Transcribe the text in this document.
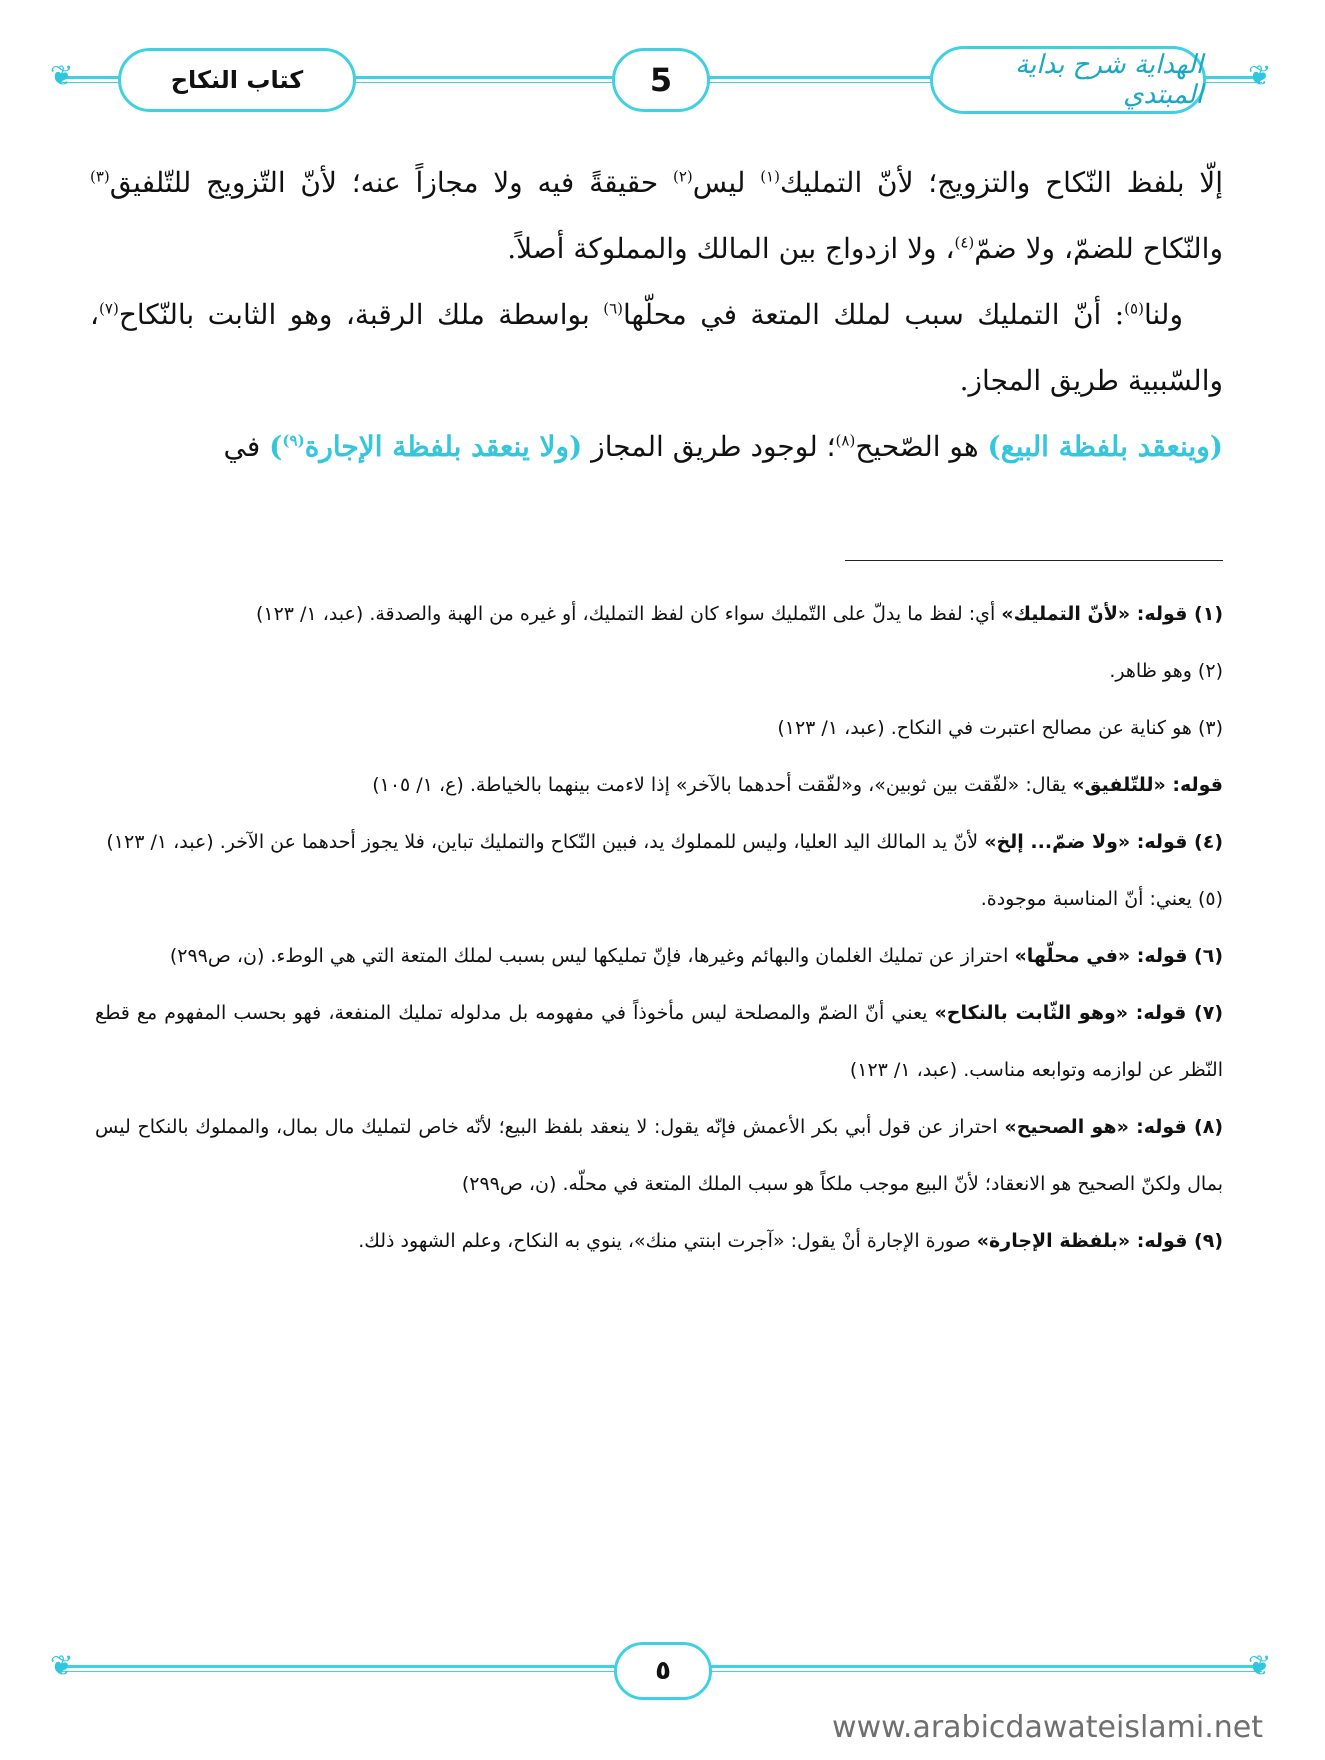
❦	❦
كتاب النكاح	5	الهداية شرح بداية المبتدي

إلّا بلفظ النّكاح والتزويج؛ لأنّ التمليك$^{(١)}$ ليس$^{(٢)}$ حقيقةً فيه ولا مجازاً عنه؛ لأنّ التّزويج للتّلفيق$^{(٣)}$ والنّكاح للضمّ، ولا ضمّ$^{(٤)}$، ولا ازدواج بين المالك والمملوكة أصلاً.

ولنا$^{(٥)}$: أنّ التمليك سبب لملك المتعة في محلّها$^{(٦)}$ بواسطة ملك الرقبة، وهو الثابت بالنّكاح$^{(٧)}$، والسّببية طريق المجاز.

(وينعقد بلفظة البيع) هو الصّحيح$^{(٨)}$؛ لوجود طريق المجاز (ولا ينعقد بلفظة الإجارة$^{(٩)}$) في

(١) قوله: «لأنّ التمليك» أي: لفظ ما يدلّ على التّمليك سواء كان لفظ التمليك، أو غيره من الهبة والصدقة. (عبد، ١/ ١٢٣)

(٢) وهو ظاهر.

(٣) هو كناية عن مصالح اعتبرت في النكاح. (عبد، ١/ ١٢٣)

قوله: «للتّلفيق» يقال: «لفّقت بين ثوبين»، و«لفّقت أحدهما بالآخر» إذا لاءمت بينهما بالخياطة. (ع، ١/ ١٠٥)

(٤) قوله: «ولا ضمّ... إلخ» لأنّ يد المالك اليد العليا، وليس للمملوك يد، فبين النّكاح والتمليك تباين، فلا يجوز أحدهما عن الآخر. (عبد، ١/ ١٢٣)

(٥) يعني: أنّ المناسبة موجودة.

(٦) قوله: «في محلّها» احتراز عن تمليك الغلمان والبهائم وغيرها، فإنّ تمليكها ليس بسبب لملك المتعة التي هي الوطء. (ن، ص٢٩٩)

(٧) قوله: «وهو الثّابت بالنكاح» يعني أنّ الضمّ والمصلحة ليس مأخوذاً في مفهومه بل مدلوله تمليك المنفعة، فهو بحسب المفهوم مع قطع النّظر عن لوازمه وتوابعه مناسب. (عبد، ١/ ١٢٣)

(٨) قوله: «هو الصحيح» احتراز عن قول أبي بكر الأعمش فإنّه يقول: لا ينعقد بلفظ البيع؛ لأنّه خاص لتمليك مال بمال، والمملوك بالنكاح ليس بمال ولكنّ الصحيح هو الانعقاد؛ لأنّ البيع موجب ملكاً هو سبب الملك المتعة في محلّه. (ن، ص٢٩٩)

(٩) قوله: «بلفظة الإجارة» صورة الإجارة أنْ يقول: «آجرت ابنتي منك»، ينوي به النكاح، وعلم الشهود ذلك.

❦	❦
٥
www.arabicdawateislami.net
